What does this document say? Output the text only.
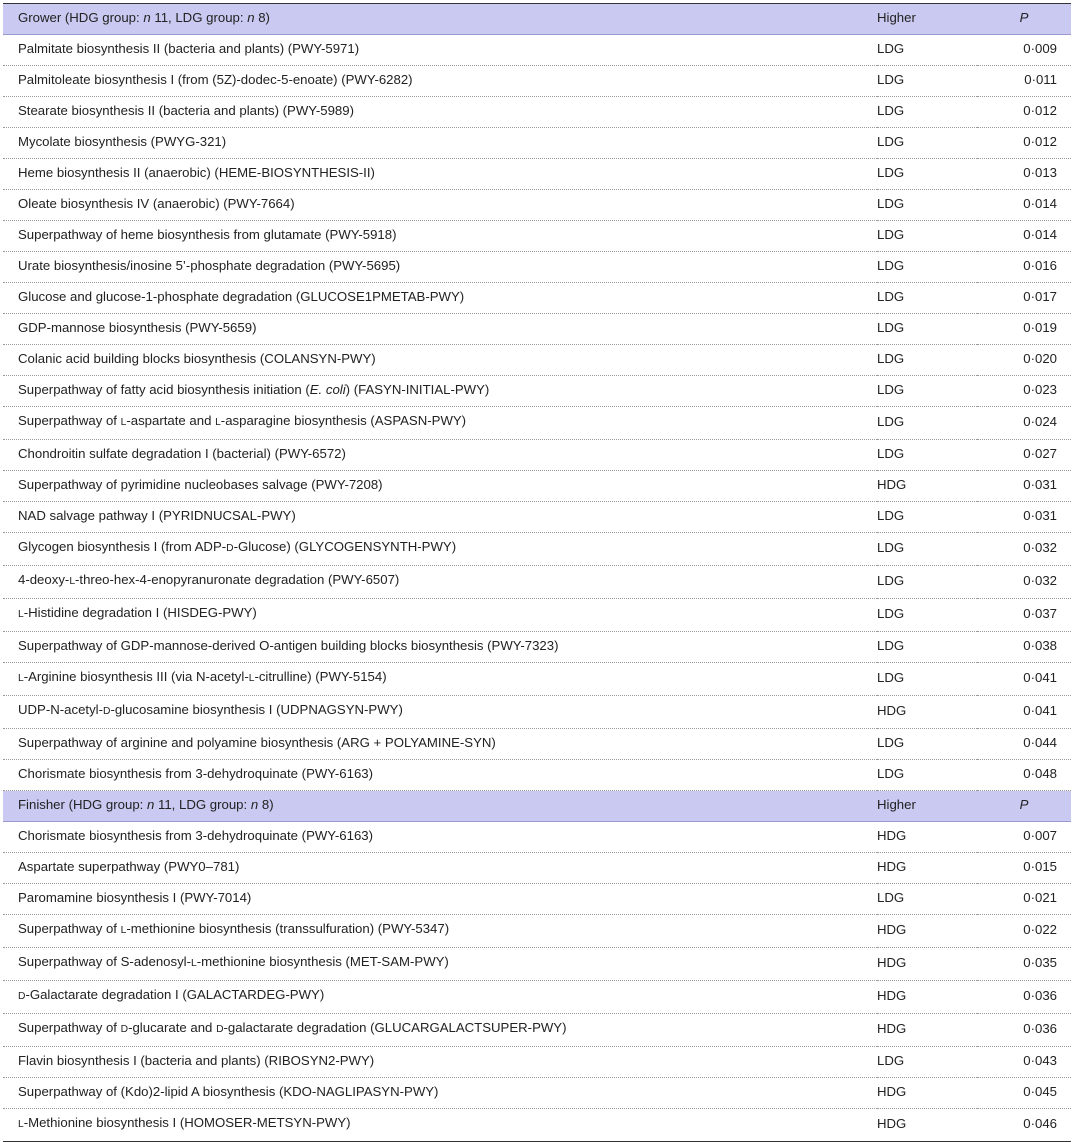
Grower (HDG group: n 11, LDG group: n 8)	Higher	P
Palmitate biosynthesis II (bacteria and plants) (PWY-5971)	LDG	0·009
Palmitoleate biosynthesis I (from (5Z)-dodec-5-enoate) (PWY-6282)	LDG	0·011
Stearate biosynthesis II (bacteria and plants) (PWY-5989)	LDG	0·012
Mycolate biosynthesis (PWYG-321)	LDG	0·012
Heme biosynthesis II (anaerobic) (HEME-BIOSYNTHESIS-II)	LDG	0·013
Oleate biosynthesis IV (anaerobic) (PWY-7664)	LDG	0·014
Superpathway of heme biosynthesis from glutamate (PWY-5918)	LDG	0·014
Urate biosynthesis/inosine 5’-phosphate degradation (PWY-5695)	LDG	0·016
Glucose and glucose-1-phosphate degradation (GLUCOSE1PMETAB-PWY)	LDG	0·017
GDP-mannose biosynthesis (PWY-5659)	LDG	0·019
Colanic acid building blocks biosynthesis (COLANSYN-PWY)	LDG	0·020
Superpathway of fatty acid biosynthesis initiation (E. coli) (FASYN-INITIAL-PWY)	LDG	0·023
Superpathway of L-aspartate and L-asparagine biosynthesis (ASPASN-PWY)	LDG	0·024
Chondroitin sulfate degradation I (bacterial) (PWY-6572)	LDG	0·027
Superpathway of pyrimidine nucleobases salvage (PWY-7208)	HDG	0·031
NAD salvage pathway I (PYRIDNUCSAL-PWY)	LDG	0·031
Glycogen biosynthesis I (from ADP-D-Glucose) (GLYCOGENSYNTH-PWY)	LDG	0·032
4-deoxy-L-threo-hex-4-enopyranuronate degradation (PWY-6507)	LDG	0·032
L-Histidine degradation I (HISDEG-PWY)	LDG	0·037
Superpathway of GDP-mannose-derived O-antigen building blocks biosynthesis (PWY-7323)	LDG	0·038
L-Arginine biosynthesis III (via N-acetyl-L-citrulline) (PWY-5154)	LDG	0·041
UDP-N-acetyl-D-glucosamine biosynthesis I (UDPNAGSYN-PWY)	HDG	0·041
Superpathway of arginine and polyamine biosynthesis (ARG + POLYAMINE-SYN)	LDG	0·044
Chorismate biosynthesis from 3-dehydroquinate (PWY-6163)	LDG	0·048
Finisher (HDG group: n 11, LDG group: n 8)	Higher	P
Chorismate biosynthesis from 3-dehydroquinate (PWY-6163)	HDG	0·007
Aspartate superpathway (PWY0–781)	HDG	0·015
Paromamine biosynthesis I (PWY-7014)	LDG	0·021
Superpathway of L-methionine biosynthesis (transsulfuration) (PWY-5347)	HDG	0·022
Superpathway of S-adenosyl-L-methionine biosynthesis (MET-SAM-PWY)	HDG	0·035
D-Galactarate degradation I (GALACTARDEG-PWY)	HDG	0·036
Superpathway of D-glucarate and D-galactarate degradation (GLUCARGALACTSUPER-PWY)	HDG	0·036
Flavin biosynthesis I (bacteria and plants) (RIBOSYN2-PWY)	LDG	0·043
Superpathway of (Kdo)2-lipid A biosynthesis (KDO-NAGLIPASYN-PWY)	HDG	0·045
L-Methionine biosynthesis I (HOMOSER-METSYN-PWY)	HDG	0·046
